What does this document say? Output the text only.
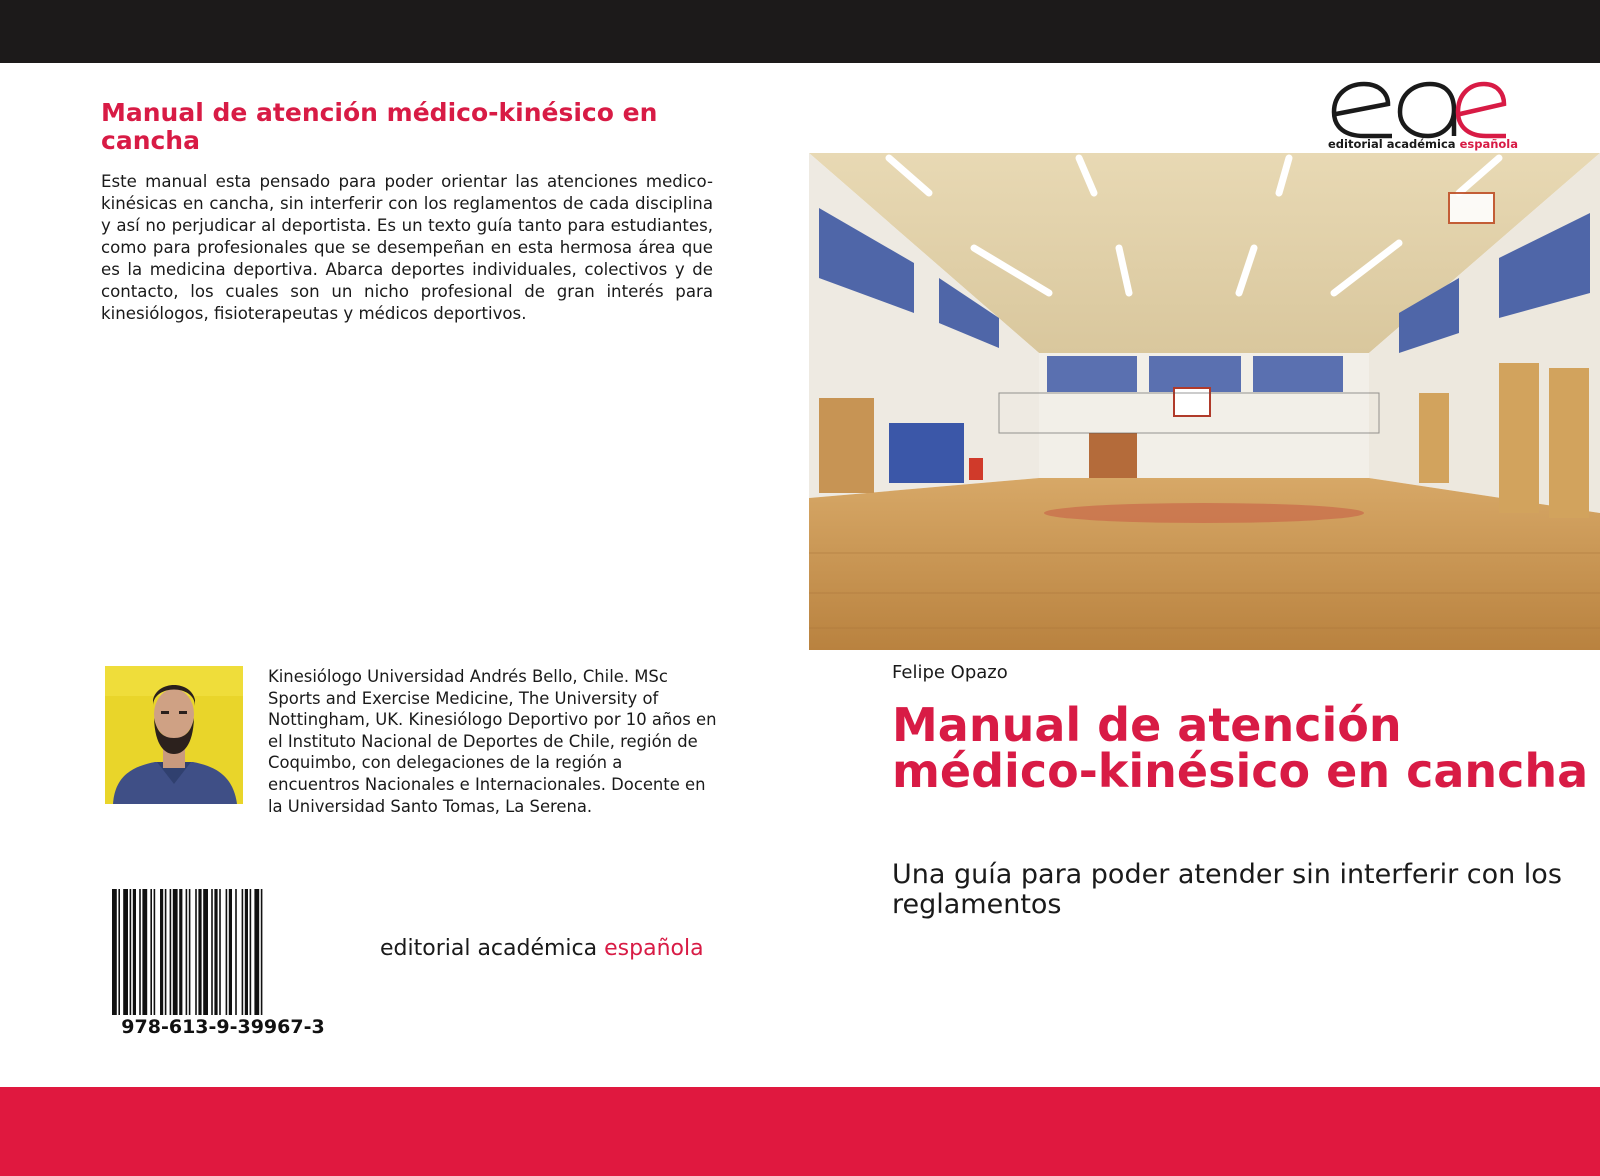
Manual de atención médico-kinésico en cancha

Este manual esta pensado para poder orientar las atenciones medico-kinésicas en cancha, sin interferir con los reglamentos de cada disciplina y así no perjudicar al deportista. Es un texto guía tanto para estudiantes, como para profesionales que se desempeñan en esta hermosa área que es la medicina deportiva. Abarca deportes individuales, colectivos y de contacto, los cuales son un nicho profesional de gran interés para kinesiólogos, fisioterapeutas y médicos deportivos.

Kinesiólogo Universidad Andrés Bello, Chile. MSc Sports and Exercise Medicine, The University of Nottingham, UK. Kinesiólogo Deportivo por 10 años en el Instituto Nacional de Deportes de Chile, región de Coquimbo, con delegaciones de la región a encuentros Nacionales e Internacionales. Docente en la Universidad Santo Tomas, La Serena.

978-613-9-39967-3
editorial académica española
editorial académica española

Felipe Opazo

Manual de atención médico-kinésico en cancha

Una guía para poder atender sin interferir con los reglamentos
